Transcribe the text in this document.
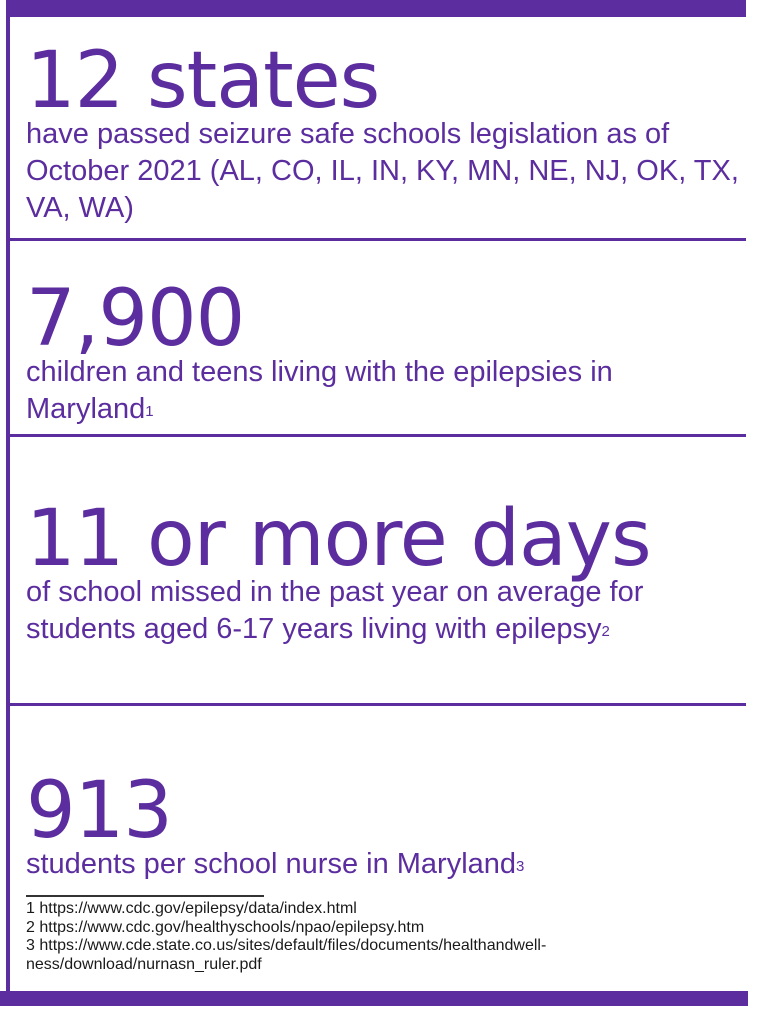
12 states

have passed seizure safe schools legislation as of October 2021 (AL, CO, IL, IN, KY, MN, NE, NJ, OK, TX, VA, WA)

7,900

children and teens living with the epilepsies in Maryland$^1$

11 or more days

of school missed in the past year on average for students aged 6-17 years living with epilepsy$^2$

913

students per school nurse in Maryland$^3$

1 https://www.cdc.gov/epilepsy/data/index.html
2 https://www.cdc.gov/healthyschools/npao/epilepsy.htm
3 https://www.cde.state.co.us/sites/default/files/documents/healthandwell-
ness/download/nurnasn_ruler.pdf
